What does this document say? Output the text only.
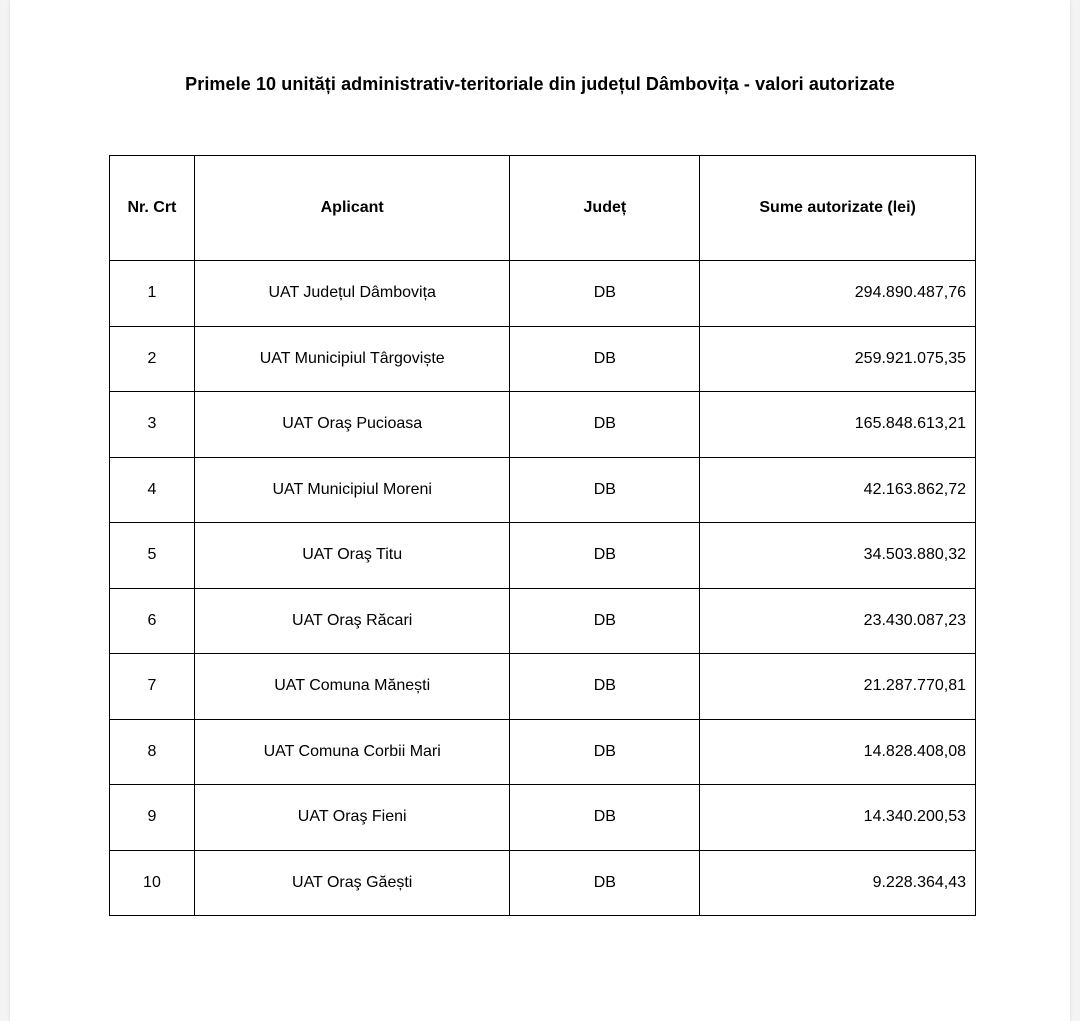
Primele 10 unități administrativ-teritoriale din județul Dâmbovița - valori autorizate
Nr. Crt	Aplicant	Județ	Sume autorizate (lei)
1	UAT Județul Dâmbovița	DB	294.890.487,76
2	UAT Municipiul Târgoviște	DB	259.921.075,35
3	UAT Oraş Pucioasa	DB	165.848.613,21
4	UAT Municipiul Moreni	DB	42.163.862,72
5	UAT Oraş Titu	DB	34.503.880,32
6	UAT Oraş Răcari	DB	23.430.087,23
7	UAT Comuna Mănești	DB	21.287.770,81
8	UAT Comuna Corbii Mari	DB	14.828.408,08
9	UAT Oraş Fieni	DB	14.340.200,53
10	UAT Oraş Găești	DB	9.228.364,43
